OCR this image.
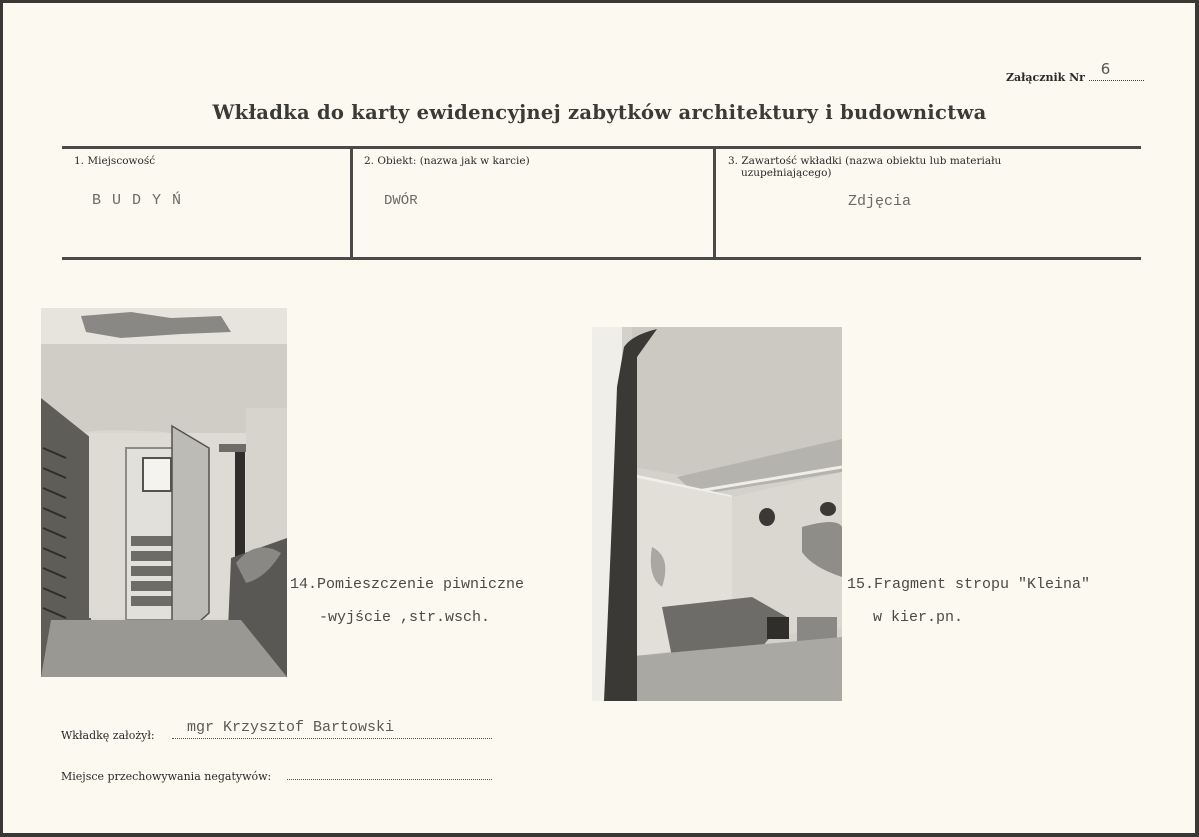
Załącznik Nr 6
Wkładka do karty ewidencyjnej zabytków architektury i budownictwa
1. Miejscowość
B U D Y Ń
2. Obiekt: (nazwa jak w karcie)
DWÓR
3. Zawartość wkładki (nazwa obiektu lub materiału
uzupełniającego)
Zdjęcia
14.Pomieszczenie piwniczne
-wyjście ,str.wsch.
15.Fragment stropu "Kleina"
w kier.pn.
Wkładkę założył: mgr Krzysztof Bartowski
Miejsce przechowywania negatywów:
